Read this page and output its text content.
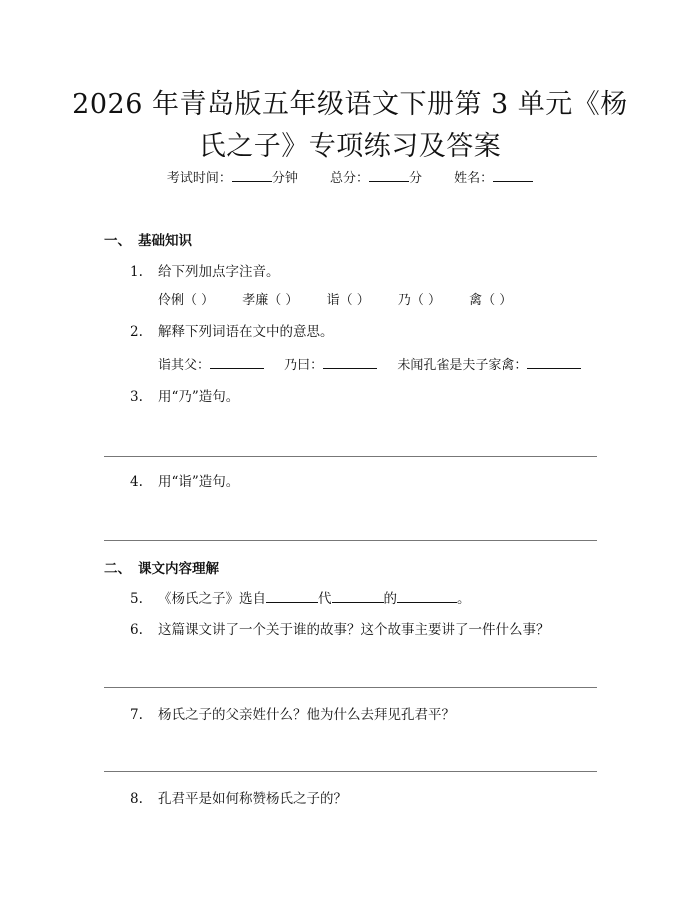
2026 年青岛版五年级语文下册第 3 单元《杨
氏之子》专项练习及答案
考试时间：	分钟 总分：	分 姓名：
一、 基础知识
1. 给下列加点字注音。
伶俐（ ） 孝廉（ ） 诣（ ） 乃（ ） 禽（ ）
2. 解释下列词语在文中的意思。
诣其父：	乃曰：	未闻孔雀是夫子家禽：
3. 用“乃”造句。
4. 用“诣”造句。
二、 课文内容理解
5. 《杨氏之子》选自	代	的	。
6. 这篇课文讲了一个关于谁的故事？这个故事主要讲了一件什么事？
7. 杨氏之子的父亲姓什么？他为什么去拜见孔君平？
8. 孔君平是如何称赞杨氏之子的？
